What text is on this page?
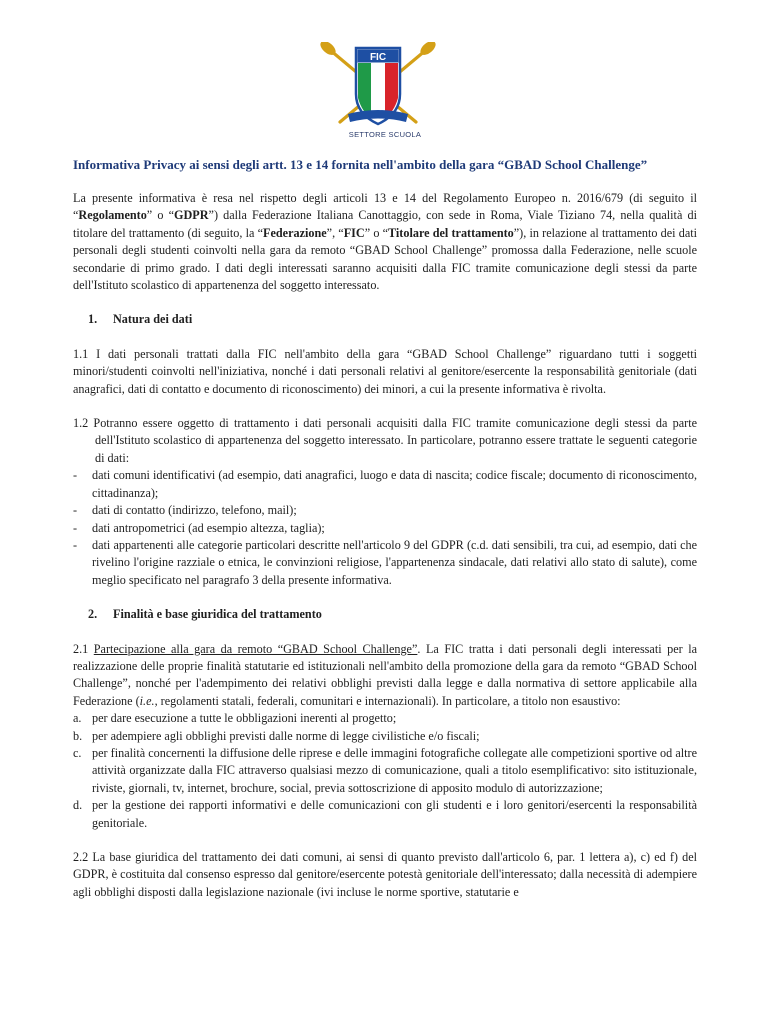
FIC
SETTORE SCUOLA
Informativa Privacy ai sensi degli artt. 13 e 14 fornita nell'ambito della gara “GBAD School Challenge”

La presente informativa è resa nel rispetto degli articoli 13 e 14 del Regolamento Europeo n. 2016/679 (di seguito il “Regolamento” o “GDPR”) dalla Federazione Italiana Canottaggio, con sede in Roma, Viale Tiziano 74, nella qualità di titolare del trattamento (di seguito, la “Federazione”, “FIC” o “Titolare del trattamento”), in relazione al trattamento dei dati personali degli studenti coinvolti nella gara da remoto “GBAD School Challenge” promossa dalla Federazione, nelle scuole secondarie di primo grado. I dati degli interessati saranno acquisiti dalla FIC tramite comunicazione degli stessi da parte dell'Istituto scolastico di appartenenza del soggetto interessato.

1.	Natura dei dati

1.1 I dati personali trattati dalla FIC nell'ambito della gara “GBAD School Challenge” riguardano tutti i soggetti minori/studenti coinvolti nell'iniziativa, nonché i dati personali relativi al genitore/esercente la responsabilità genitoriale (dati anagrafici, dati di contatto e documento di riconoscimento) dei minori, a cui la presente informativa è rivolta.

1.2 Potranno essere oggetto di trattamento i dati personali acquisiti dalla FIC tramite comunicazione degli stessi da parte dell'Istituto scolastico di appartenenza del soggetto interessato. In particolare, potranno essere trattate le seguenti categorie di dati:

-	dati comuni identificativi (ad esempio, dati anagrafici, luogo e data di nascita; codice fiscale; documento di riconoscimento, cittadinanza);
-	dati di contatto (indirizzo, telefono, mail);
-	dati antropometrici (ad esempio altezza, taglia);
-	dati appartenenti alle categorie particolari descritte nell'articolo 9 del GDPR (c.d. dati sensibili, tra cui, ad esempio, dati che rivelino l'origine razziale o etnica, le convinzioni religiose, l'appartenenza sindacale, dati relativi allo stato di salute), come meglio specificato nel paragrafo 3 della presente informativa.
2.	Finalità e base giuridica del trattamento

2.1 Partecipazione alla gara da remoto “GBAD School Challenge”. La FIC tratta i dati personali degli interessati per la realizzazione delle proprie finalità statutarie ed istituzionali nell'ambito della promozione della gara da remoto “GBAD School Challenge”, nonché per l'adempimento dei relativi obblighi previsti dalla legge e dalla normativa di settore applicabile alla Federazione (i.e., regolamenti statali, federali, comunitari e internazionali). In particolare, a titolo non esaustivo:

a. per dare esecuzione a tutte le obbligazioni inerenti al progetto;
b. per adempiere agli obblighi previsti dalle norme di legge civilistiche e/o fiscali;
c. per finalità concernenti la diffusione delle riprese e delle immagini fotografiche collegate alle competizioni sportive od altre attività organizzate dalla FIC attraverso qualsiasi mezzo di comunicazione, quali a titolo esemplificativo: sito istituzionale, riviste, giornali, tv, internet, brochure, social, previa sottoscrizione di apposito modulo di autorizzazione;
d. per la gestione dei rapporti informativi e delle comunicazioni con gli studenti e i loro genitori/esercenti la responsabilità genitoriale.

2.2 La base giuridica del trattamento dei dati comuni, ai sensi di quanto previsto dall'articolo 6, par. 1 lettera a), c) ed f) del GDPR, è costituita dal consenso espresso dal genitore/esercente potestà genitoriale dell'interessato; dalla necessità di adempiere agli obblighi disposti dalla legislazione nazionale (ivi incluse le norme sportive, statutarie e
